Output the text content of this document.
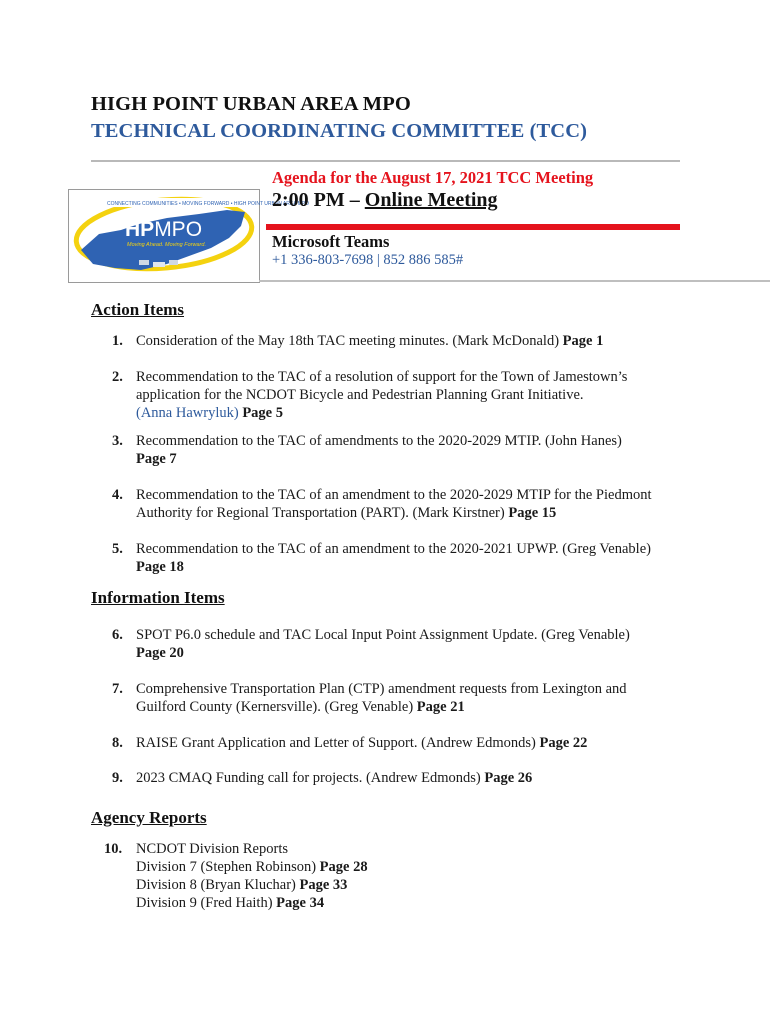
HIGH POINT URBAN AREA MPO
TECHNICAL COORDINATING COMMITTEE (TCC)
CONNECTING COMMUNITIES • MOVING FORWARD • HIGH POINT URBAN AREA MPO
HPMPO
Moving Ahead. Moving Forward.
Agenda for the August 17, 2021 TCC Meeting
2:00 PM – Online Meeting
Microsoft Teams
+1 336-803-7698 | 852 886 585#
Action Items
1. Consideration of the May 18th TAC meeting minutes. (Mark McDonald) Page 1
2. Recommendation to the TAC of a resolution of support for the Town of Jamestown’s application for the NCDOT Bicycle and Pedestrian Planning Grant Initiative.
(Anna Hawryluk) Page 5
3. Recommendation to the TAC of amendments to the 2020-2029 MTIP. (John Hanes)
Page 7
4. Recommendation to the TAC of an amendment to the 2020-2029 MTIP for the Piedmont Authority for Regional Transportation (PART). (Mark Kirstner) Page 15
5. Recommendation to the TAC of an amendment to the 2020-2021 UPWP. (Greg Venable)
Page 18
Information Items
6. SPOT P6.0 schedule and TAC Local Input Point Assignment Update. (Greg Venable)
Page 20
7. Comprehensive Transportation Plan (CTP) amendment requests from Lexington and Guilford County (Kernersville). (Greg Venable) Page 21
8. RAISE Grant Application and Letter of Support. (Andrew Edmonds) Page 22
9. 2023 CMAQ Funding call for projects. (Andrew Edmonds) Page 26
Agency Reports
10. NCDOT Division Reports
Division 7 (Stephen Robinson) Page 28
Division 8 (Bryan Kluchar) Page 33
Division 9 (Fred Haith) Page 34
